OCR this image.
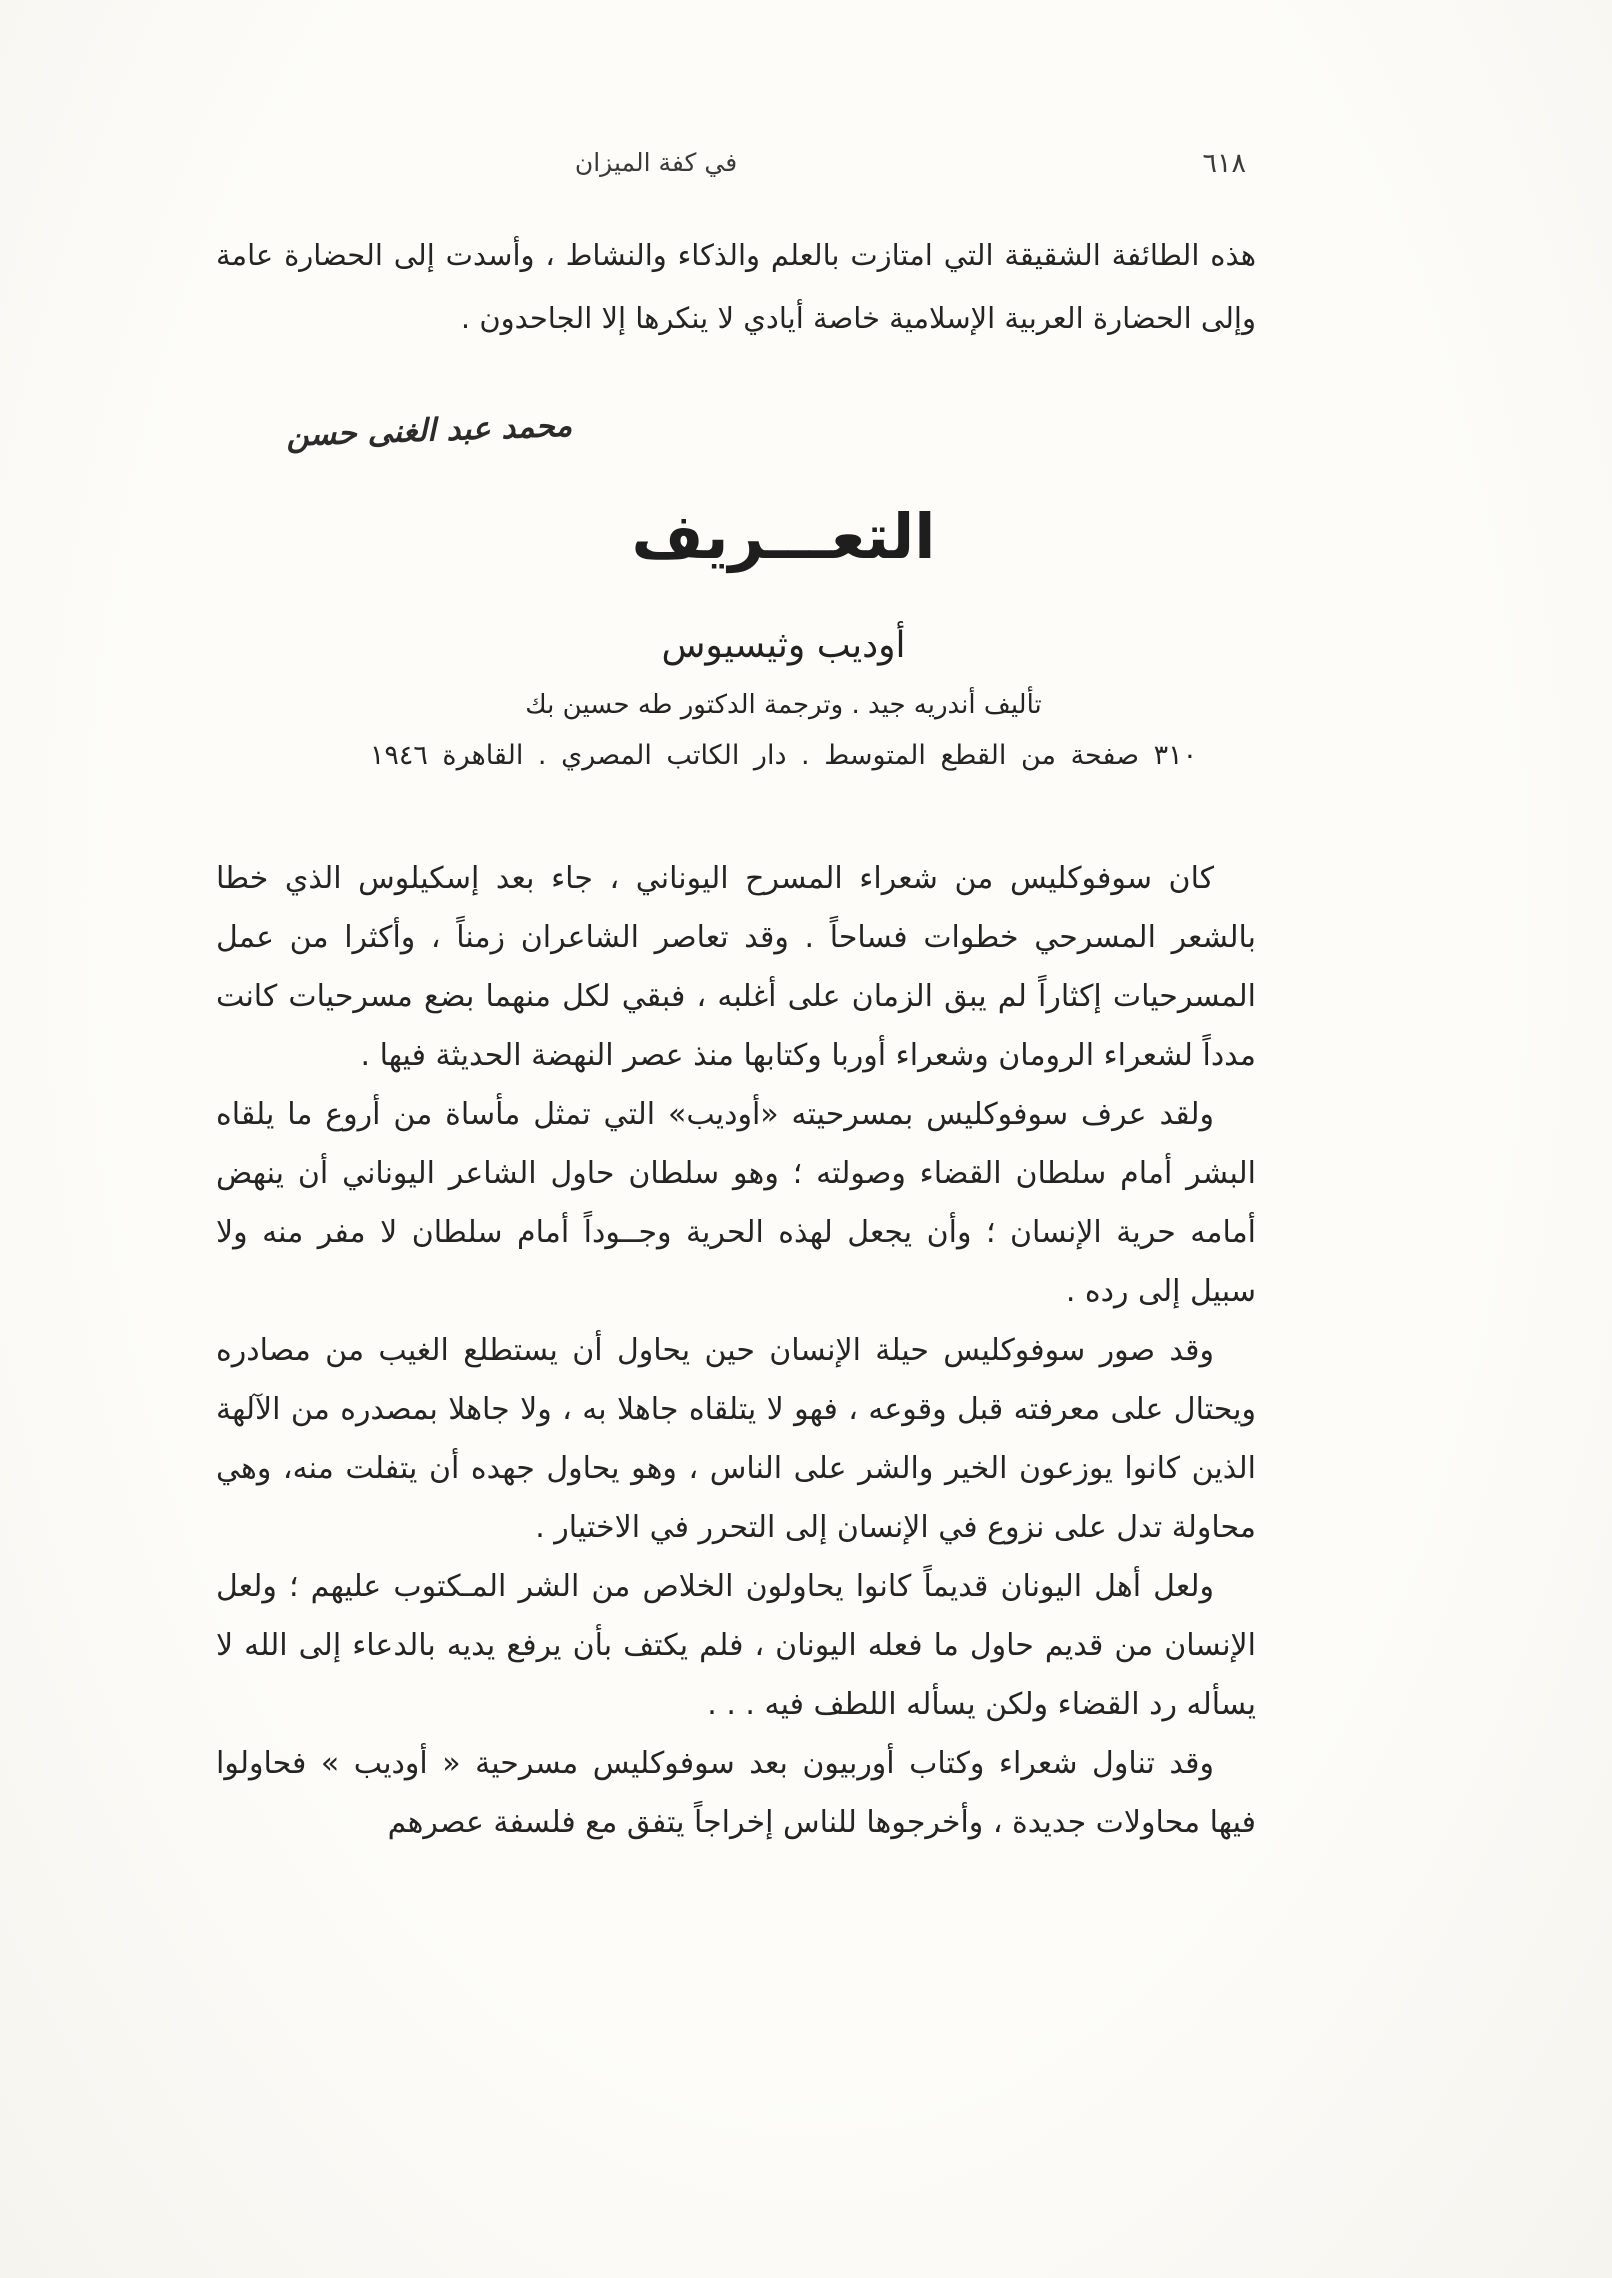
في كفة الميزان	٦١٨

هذه الطائفة الشقيقة التي امتازت بالعلم والذكاء والنشاط ، وأسدت إلى الحضارة عامة وإلى الحضارة العربية الإسلامية خاصة أيادي لا ينكرها إلا الجاحدون .

محمد عبد الغنى حسن
التعـــريف
أوديب وثيسيوس

تأليف أندريه جيد . وترجمة الدكتور طه حسين بك

٣١٠ صفحة من القطع المتوسط . دار الكاتب المصري . القاهرة ١٩٤٦

كان سوفوكليس من شعراء المسرح اليوناني ، جاء بعد إسكيلوس الذي خطا بالشعر المسرحي خطوات فساحاً . وقد تعاصر الشاعران زمناً ، وأكثرا من عمل المسرحيات إكثاراً لم يبق الزمان على أغلبه ، فبقي لكل منهما بضع مسرحيات كانت مدداً لشعراء الرومان وشعراء أوربا وكتابها منذ عصر النهضة الحديثة فيها .

ولقد عرف سوفوكليس بمسرحيته «أوديب» التي تمثل مأساة من أروع ما يلقاه البشر أمام سلطان القضاء وصولته ؛ وهو سلطان حاول الشاعر اليوناني أن ينهض أمامه حرية الإنسان ؛ وأن يجعل لهذه الحرية وجــوداً أمام سلطان لا مفر منه ولا سبيل إلى رده .

وقد صور سوفوكليس حيلة الإنسان حين يحاول أن يستطلع الغيب من مصادره ويحتال على معرفته قبل وقوعه ، فهو لا يتلقاه جاهلا به ، ولا جاهلا بمصدره من الآلهة الذين كانوا يوزعون الخير والشر على الناس ، وهو يحاول جهده أن يتفلت منه، وهي محاولة تدل على نزوع في الإنسان إلى التحرر في الاختيار .

ولعل أهل اليونان قديماً كانوا يحاولون الخلاص من الشر المـكتوب عليهم ؛ ولعل الإنسان من قديم حاول ما فعله اليونان ، فلم يكتف بأن يرفع يديه بالدعاء إلى الله لا يسأله رد القضاء ولكن يسأله اللطف فيه . . .

وقد تناول شعراء وكتاب أوربيون بعد سوفوكليس مسرحية « أوديب » فحاولوا فيها محاولات جديدة ، وأخرجوها للناس إخراجاً يتفق مع فلسفة عصرهم
